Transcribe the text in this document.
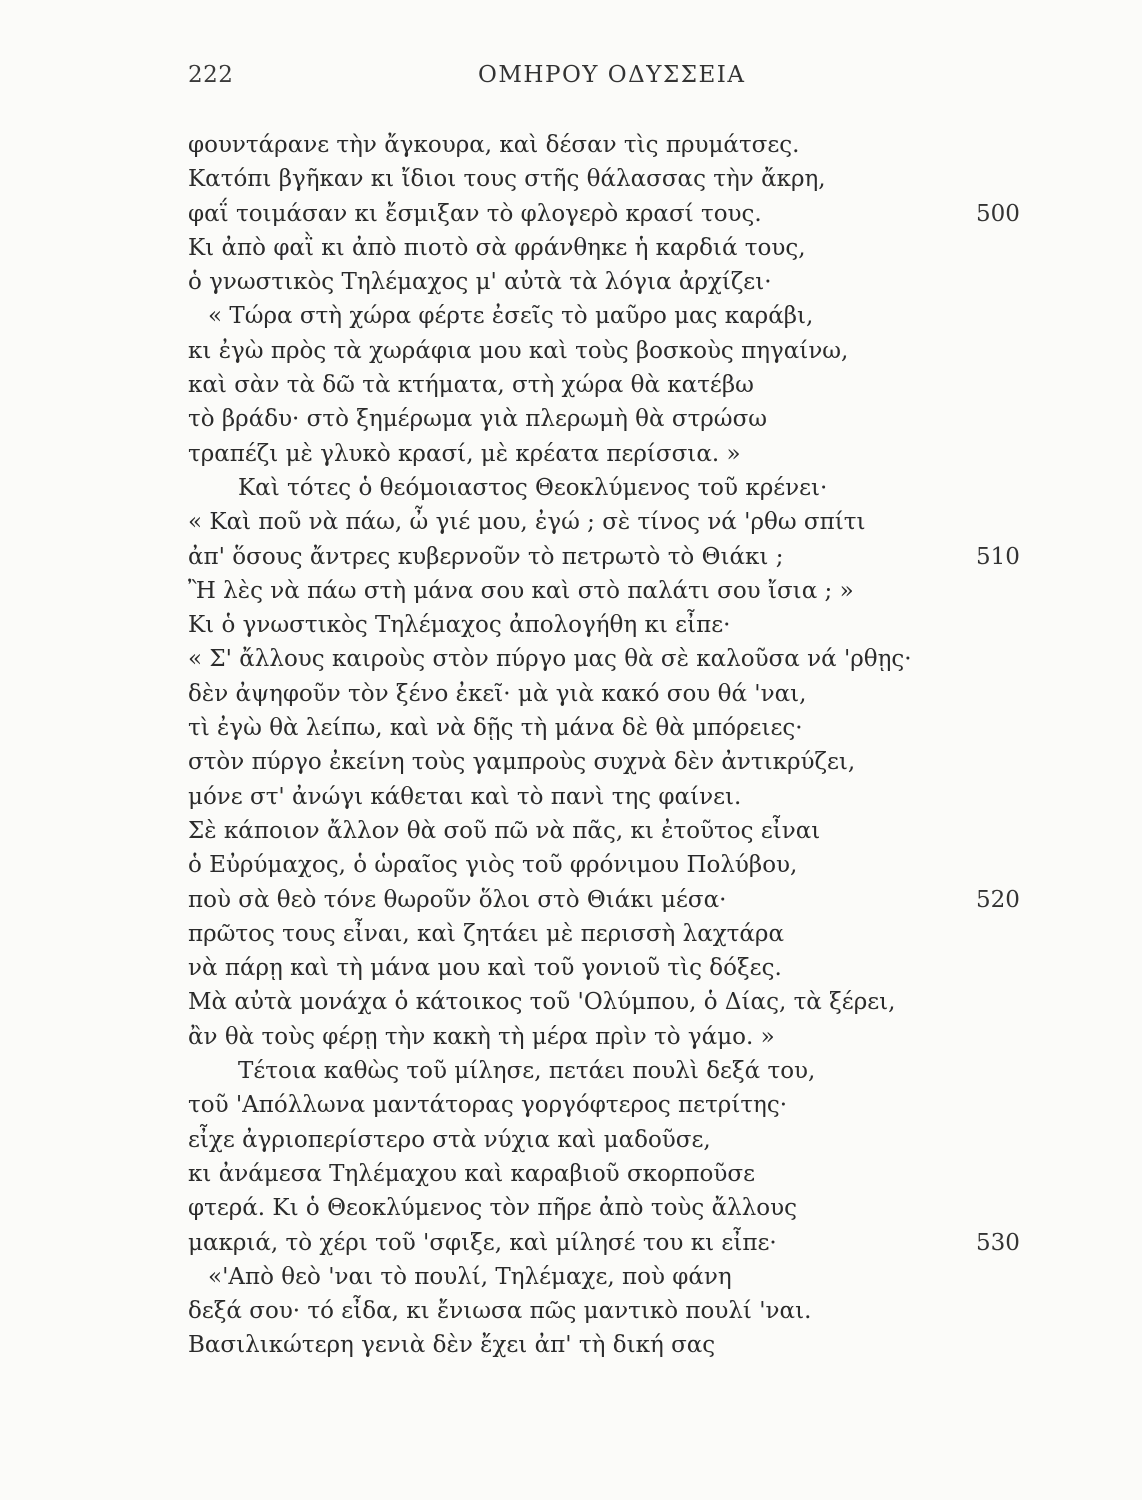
222	ΟΜΗΡΟΥ ΟΔΥΣΣΕΙΑ
φουντάρανε τὴν ἄγκουρα, καὶ δέσαν τὶς πρυμάτσες.
Κατόπι βγῆκαν κι ἴδιοι τους στῆς θάλασσας τὴν ἄκρη,
φαΐ τοιμάσαν κι ἔσμιξαν τὸ φλογερὸ κρασί τους.	500
Κι ἀπὸ φαῒ κι ἀπὸ πιοτὸ σὰ φράνθηκε ἡ καρδιά τους,
ὁ γνωστικὸς Τηλέμαχος μ' αὐτὰ τὰ λόγια ἀρχίζει·
« Τώρα στὴ χώρα φέρτε ἐσεῖς τὸ μαῦρο μας καράβι,
κι ἐγὼ πρὸς τὰ χωράφια μου καὶ τοὺς βοσκοὺς πηγαίνω,
καὶ σὰν τὰ δῶ τὰ κτήματα, στὴ χώρα θὰ κατέβω
τὸ βράδυ· στὸ ξημέρωμα γιὰ πλερωμὴ θὰ στρώσω
τραπέζι μὲ γλυκὸ κρασί, μὲ κρέατα περίσσια. »
Καὶ τότες ὁ θεόμοιαστος Θεοκλύμενος τοῦ κρένει·
« Καὶ ποῦ νὰ πάω, ὦ γιέ μου, ἐγώ ; σὲ τίνος νά 'ρθω σπίτι
ἀπ' ὅσους ἄντρες κυβερνοῦν τὸ πετρωτὸ τὸ Θιάκι ;	510
Ἢ λὲς νὰ πάω στὴ μάνα σου καὶ στὸ παλάτι σου ἴσια ; »
Κι ὁ γνωστικὸς Τηλέμαχος ἀπολογήθη κι εἶπε·
« Σ' ἄλλους καιροὺς στὸν πύργο μας θὰ σὲ καλοῦσα νά 'ρθῃς·
δὲν ἀψηφοῦν τὸν ξένο ἐκεῖ· μὰ γιὰ κακό σου θά 'ναι,
τὶ ἐγὼ θὰ λείπω, καὶ νὰ δῇς τὴ μάνα δὲ θὰ μπόρειες·
στὸν πύργο ἐκείνη τοὺς γαμπροὺς συχνὰ δὲν ἀντικρύζει,
μόνε στ' ἀνώγι κάθεται καὶ τὸ πανὶ της φαίνει.
Σὲ κάποιον ἄλλον θὰ σοῦ πῶ νὰ πᾶς, κι ἐτοῦτος εἶναι
ὁ Εὐρύμαχος, ὁ ὡραῖος γιὸς τοῦ φρόνιμου Πολύβου,
ποὺ σὰ θεὸ τόνε θωροῦν ὅλοι στὸ Θιάκι μέσα·	520
πρῶτος τους εἶναι, καὶ ζητάει μὲ περισσὴ λαχτάρα
νὰ πάρῃ καὶ τὴ μάνα μου καὶ τοῦ γονιοῦ τὶς δόξες.
Μὰ αὐτὰ μονάχα ὁ κάτοικος τοῦ 'Ολύμπου, ὁ Δίας, τὰ ξέρει,
ἂν θὰ τοὺς φέρῃ τὴν κακὴ τὴ μέρα πρὶν τὸ γάμο. »
Τέτοια καθὼς τοῦ μίλησε, πετάει πουλὶ δεξά του,
τοῦ 'Απόλλωνα μαντάτορας γοργόφτερος πετρίτης·
εἶχε ἀγριοπερίστερο στὰ νύχια καὶ μαδοῦσε,
κι ἀνάμεσα Τηλέμαχου καὶ καραβιοῦ σκορποῦσε
φτερά. Κι ὁ Θεοκλύμενος τὸν πῆρε ἀπὸ τοὺς ἄλλους
μακριά, τὸ χέρι τοῦ 'σφιξε, καὶ μίλησέ του κι εἶπε·	530
«'Απὸ θεὸ 'ναι τὸ πουλί, Τηλέμαχε, ποὺ φάνη
δεξά σου· τό εἶδα, κι ἔνιωσα πῶς μαντικὸ πουλί 'ναι.
Βασιλικώτερη γενιὰ δὲν ἔχει ἀπ' τὴ δική σας
